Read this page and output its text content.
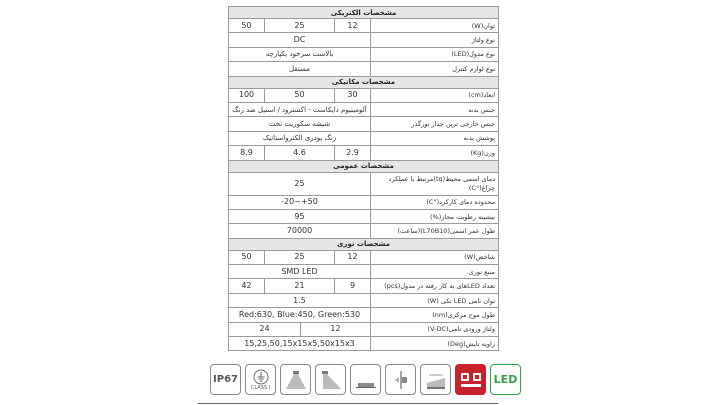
مشخصات الکتریکی				
50	25		12	توان(W)
DC				نوع ولتاژ
بالاست سرخود یکپارچه				نوع مدول(LED)
مستقل				نوع لوازم کنترل
مشخصات مکانیکی				
100	50		30	ابعاد(cm)
آلومینیوم دایکاست - اکسترود / استیل ضد زنگ				جنس بدنه
شیشه سکوریت تخت				جنس خارجی ترین جدار نورگذر
رنگ پودری الکترواستاتیک				پوشش بدنه
8.9	4.6		2.9	وزن(Kg)
مشخصات عمومی				
25				دمای اسمی محیط(tq)مرتبط با عملکرد چراغ(°C)
-20~+50				محدوده دمای کارکرد(°C)
95				بیشینه رطوبت مجاز(%)
70000				طول عمر اسمی(L70B10)(ساعت)
مشخصات نوری				
50	25		12	شاخص(W)
SMD LED				منبع نوری
42	21		9	تعداد LEDهای به کار رفته در مدول(pcs)
1.5				توان نامی LED تکی (W)
Red:630, Blue:450, Green:530				طول موج مرکزی(nm)
24		12		ولتاژ ورودی نامی(V-DC)
15,25,50,15x15x5,50x15x3				زاویه تابش(Deg)
IP67
CLASS I
LED
